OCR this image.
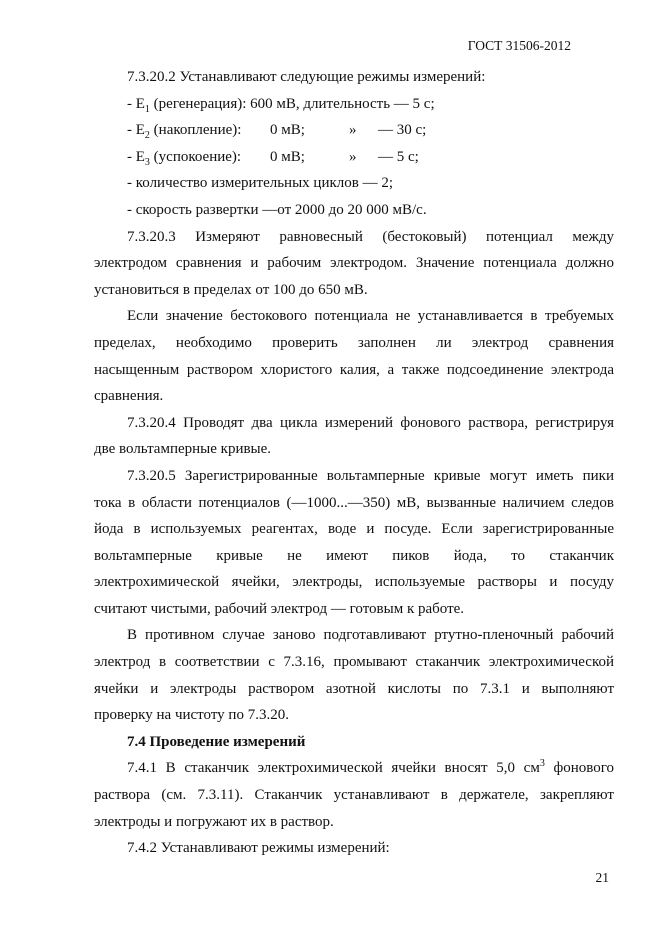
ГОСТ 31506-2012

7.3.20.2 Устанавливают следующие режимы измерений:

- $E_1$ (регенерация): 600 мВ, длительность — 5 с;
- $E_2$ (накопление): 0 мВ;	» — 30 с;
- $E_3$ (успокоение): 0 мВ;	» — 5 с;
- количество измерительных циклов — 2;
- скорость развертки —от 2000 до 20 000 мВ/с.

7.3.20.3 Измеряют равновесный (бестоковый) потенциал между

электродом сравнения и рабочим электродом. Значение потенциала должно

установиться в пределах от 100 до 650 мВ.

Если значение бестокового потенциала не устанавливается в требуемых

пределах, необходимо проверить заполнен ли электрод сравнения

насыщенным раствором хлористого калия, а также подсоединение электрода

сравнения.

7.3.20.4 Проводят два цикла измерений фонового раствора, регистрируя

две вольтамперные кривые.

7.3.20.5 Зарегистрированные вольтамперные кривые могут иметь пики

тока в области потенциалов (—1000...—350) мВ, вызванные наличием следов

йода в используемых реагентах, воде и посуде. Если зарегистрированные

вольтамперные кривые не имеют пиков йода, то стаканчик

электрохимической ячейки, электроды, используемые растворы и посуду

считают чистыми, рабочий электрод — готовым к работе.

В противном случае заново подготавливают ртутно-пленочный рабочий

электрод в соответствии с 7.3.16, промывают стаканчик электрохимической

ячейки и электроды раствором азотной кислоты по 7.3.1 и выполняют

проверку на чистоту по 7.3.20.

7.4 Проведение измерений

7.4.1 В стаканчик электрохимической ячейки вносят 5,0 $см^3$ фонового

раствора (см. 7.3.11). Стаканчик устанавливают в держателе, закрепляют

электроды и погружают их в раствор.

7.4.2 Устанавливают режимы измерений:

21
